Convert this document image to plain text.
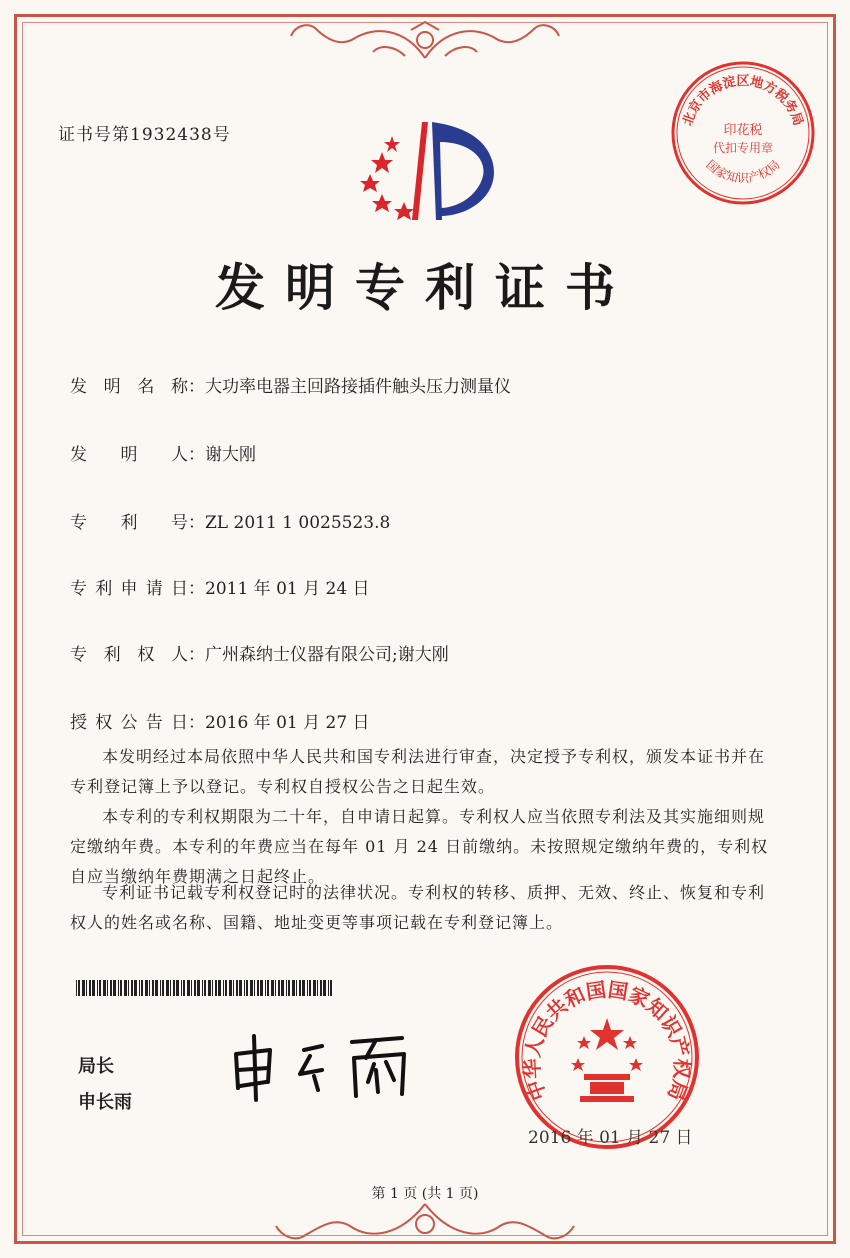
证书号第1932438号
北京市海淀区地方税务局
印花税
代扣专用章
国家知识产权局
发明专利证书
发 明 名 称：大功率电器主回路接插件触头压力测量仪
发 明 人：谢大刚
专 利 号：ZL 2011 1 0025523.8
专利申请日：2011 年 01 月 24 日
专 利 权 人：广州森纳士仪器有限公司;谢大刚
授权公告日：2016 年 01 月 27 日
本发明经过本局依照中华人民共和国专利法进行审查，决定授予专利权，颁发本证书并在专利登记簿上予以登记。专利权自授权公告之日起生效。
本专利的专利权期限为二十年，自申请日起算。专利权人应当依照专利法及其实施细则规定缴纳年费。本专利的年费应当在每年 01 月 24 日前缴纳。未按照规定缴纳年费的，专利权自应当缴纳年费期满之日起终止。
专利证书记载专利权登记时的法律状况。专利权的转移、质押、无效、终止、恢复和专利权人的姓名或名称、国籍、地址变更等事项记载在专利登记簿上。
局长
申长雨	中华人民共和国国家知识产权局
2016 年 01 月 27 日
第 1 页 (共 1 页)
